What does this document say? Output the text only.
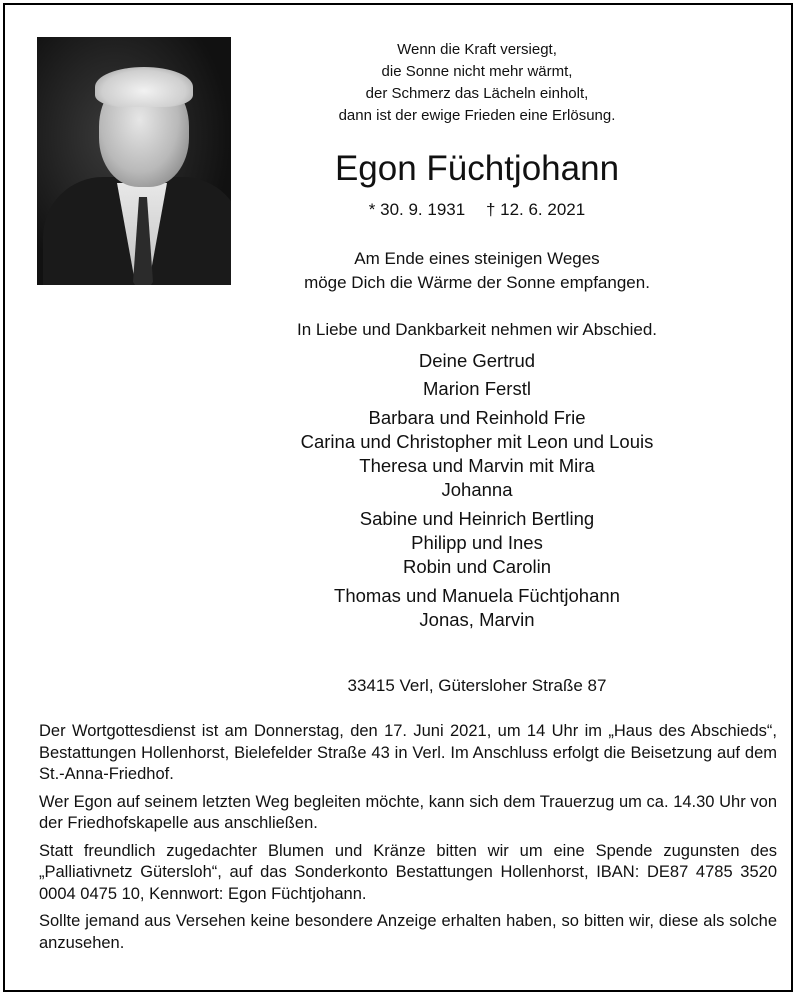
Wenn die Kraft versiegt,
die Sonne nicht mehr wärmt,
der Schmerz das Lächeln einholt,
dann ist der ewige Frieden eine Erlösung.
Egon Füchtjohann
* 30. 9. 1931 † 12. 6. 2021
Am Ende eines steinigen Weges
möge Dich die Wärme der Sonne empfangen.
In Liebe und Dankbarkeit nehmen wir Abschied.
Deine Gertrud
Marion Ferstl
Barbara und Reinhold Frie
Carina und Christopher mit Leon und Louis
Theresa und Marvin mit Mira
Johanna
Sabine und Heinrich Bertling
Philipp und Ines
Robin und Carolin
Thomas und Manuela Füchtjohann
Jonas, Marvin
33415 Verl, Gütersloher Straße 87

Der Wortgottesdienst ist am Donnerstag, den 17. Juni 2021, um 14 Uhr im „Haus des Abschieds“, Bestattungen Hollenhorst, Bielefelder Straße 43 in Verl. Im Anschluss erfolgt die Beisetzung auf dem St.-Anna-Friedhof.

Wer Egon auf seinem letzten Weg begleiten möchte, kann sich dem Trauerzug um ca. 14.30 Uhr von der Friedhofskapelle aus anschließen.

Statt freundlich zugedachter Blumen und Kränze bitten wir um eine Spende zugunsten des „Palliativnetz Gütersloh“, auf das Sonderkonto Bestattungen Hollenhorst, IBAN: DE87 4785 3520 0004 0475 10, Kennwort: Egon Füchtjohann.

Sollte jemand aus Versehen keine besondere Anzeige erhalten haben, so bitten wir, diese als solche anzusehen.
